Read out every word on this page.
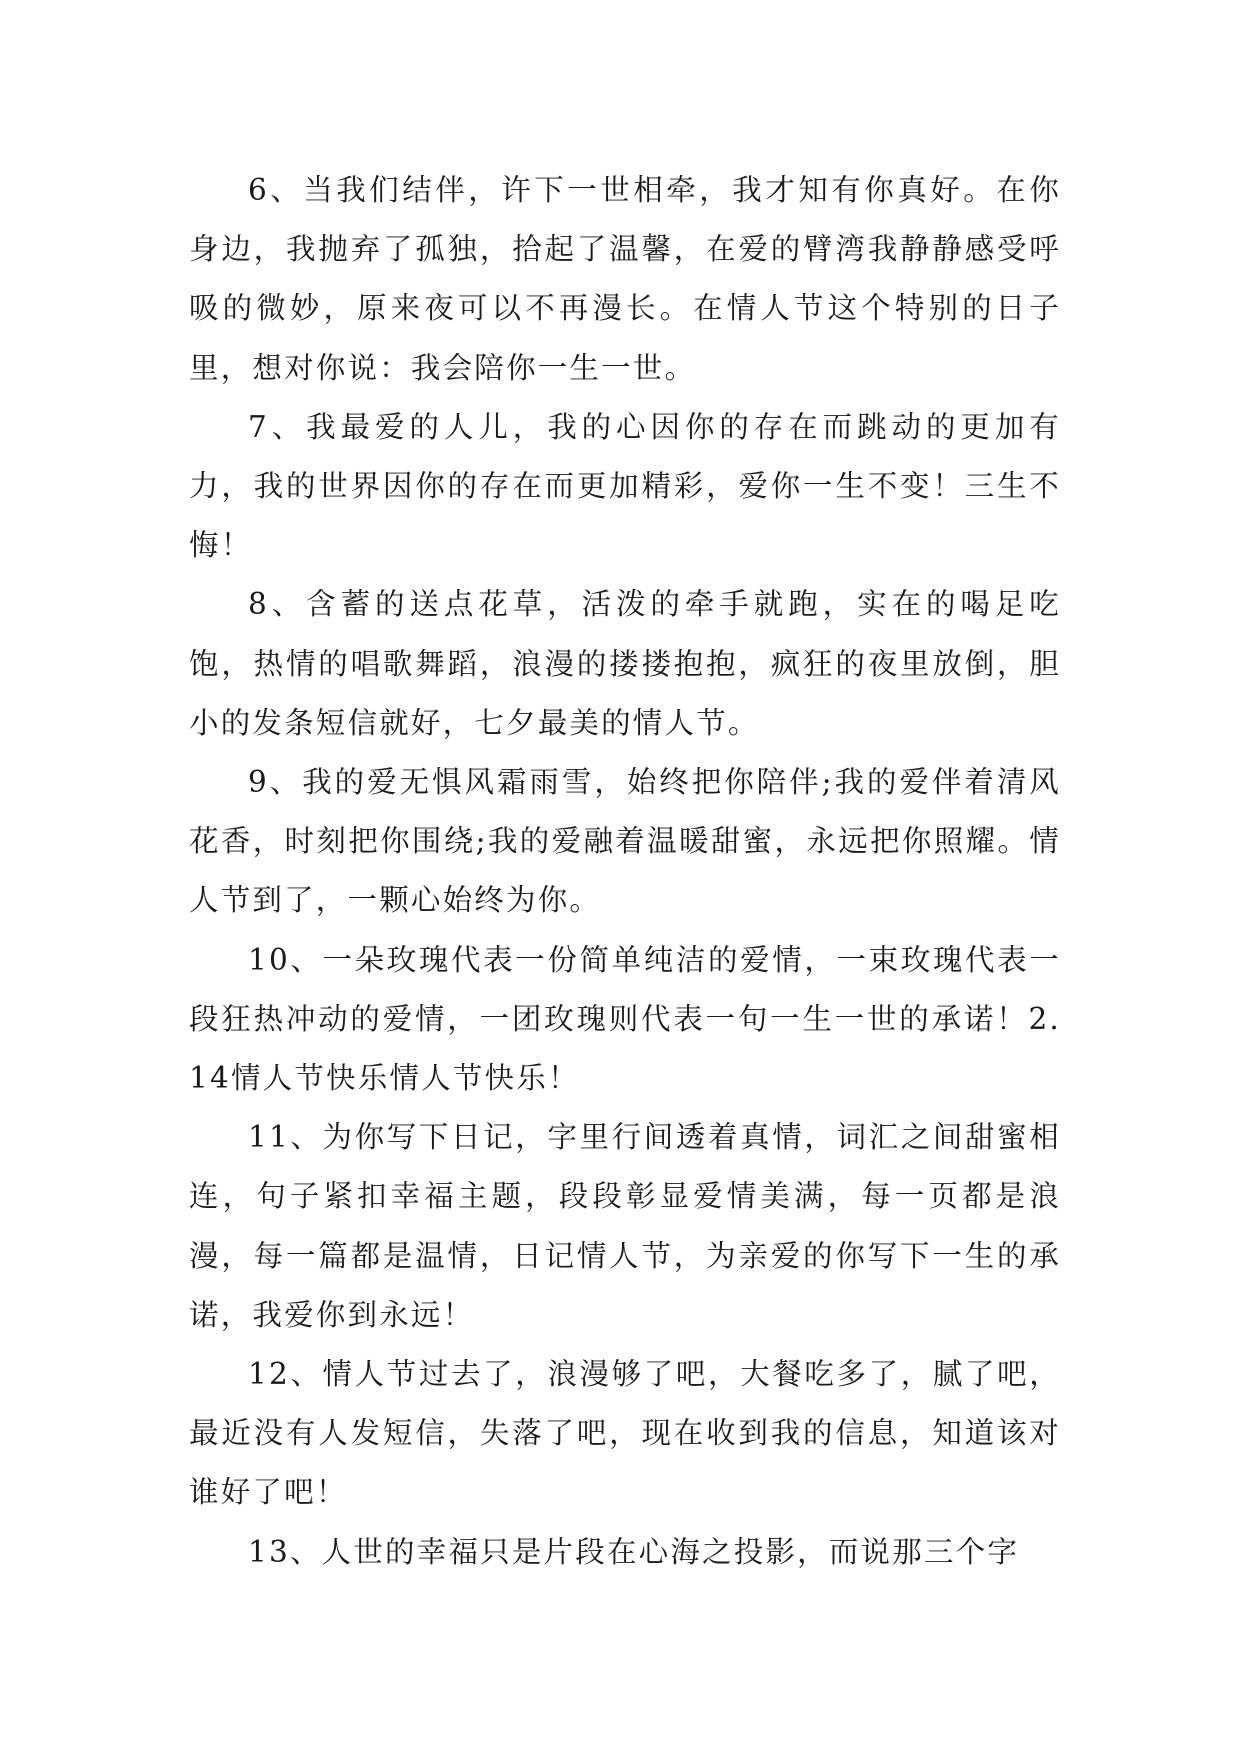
6、当我们结伴，许下一世相牵，我才知有你真好。在你身边，我抛弃了孤独，拾起了温馨，在爱的臂湾我静静感受呼吸的微妙，原来夜可以不再漫长。在情人节这个特别的日子里，想对你说：我会陪你一生一世。

7、我最爱的人儿，我的心因你的存在而跳动的更加有力，我的世界因你的存在而更加精彩，爱你一生不变！三生不悔！

8、含蓄的送点花草，活泼的牵手就跑，实在的喝足吃饱，热情的唱歌舞蹈，浪漫的搂搂抱抱，疯狂的夜里放倒，胆小的发条短信就好，七夕最美的情人节。

9、我的爱无惧风霜雨雪，始终把你陪伴;我的爱伴着清风花香，时刻把你围绕;我的爱融着温暖甜蜜，永远把你照耀。情人节到了，一颗心始终为你。

10、一朵玫瑰代表一份简单纯洁的爱情，一束玫瑰代表一段狂热冲动的爱情，一团玫瑰则代表一句一生一世的承诺！2.14情人节快乐情人节快乐！

11、为你写下日记，字里行间透着真情，词汇之间甜蜜相连，句子紧扣幸福主题，段段彰显爱情美满，每一页都是浪漫，每一篇都是温情，日记情人节，为亲爱的你写下一生的承诺，我爱你到永远！

12、情人节过去了，浪漫够了吧，大餐吃多了，腻了吧，最近没有人发短信，失落了吧，现在收到我的信息，知道该对谁好了吧！

13、人世的幸福只是片段在心海之投影，而说那三个字
